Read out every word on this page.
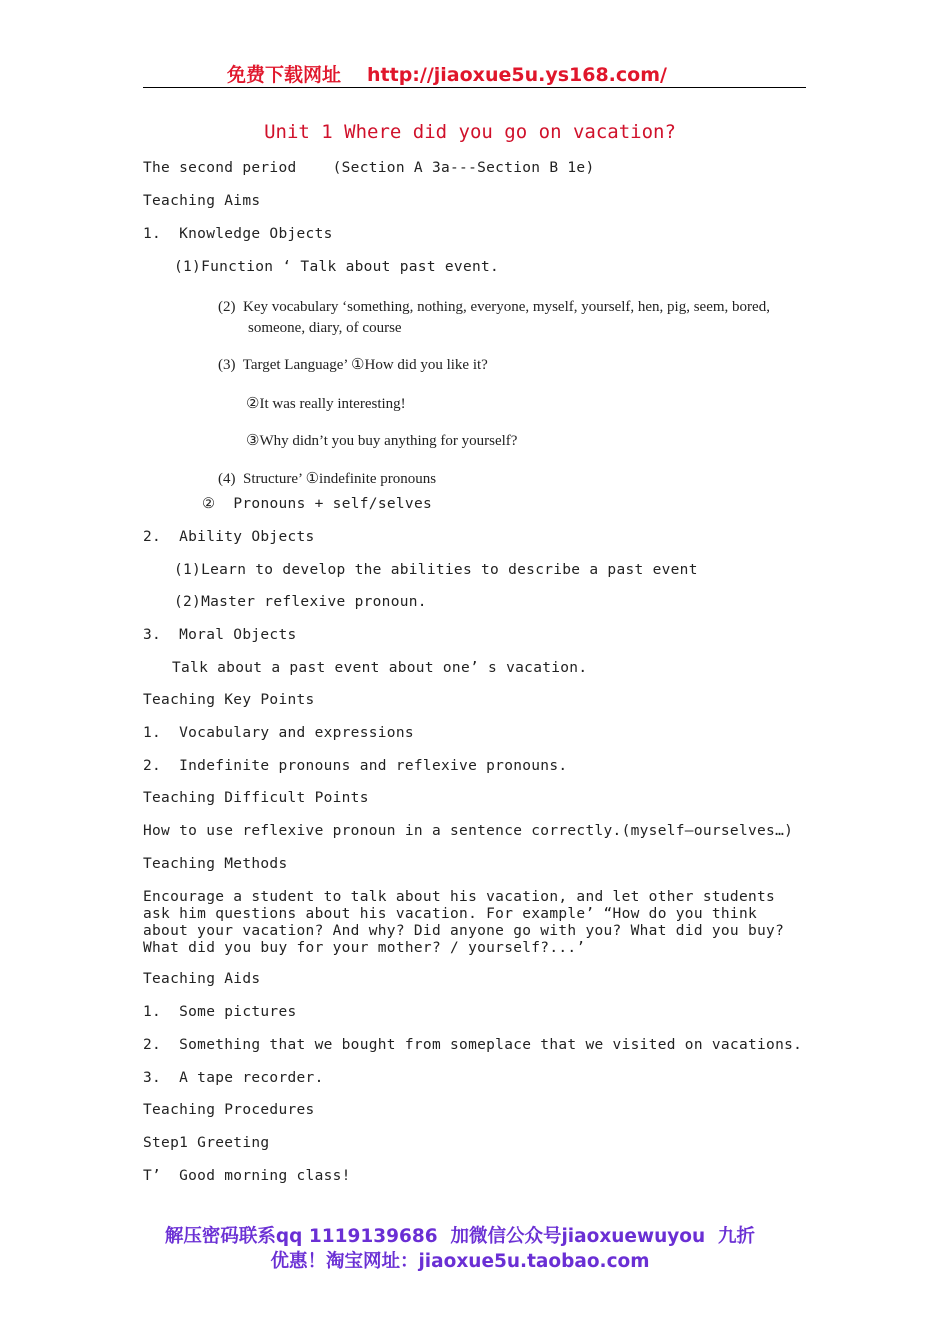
免费下载网址 http://jiaoxue5u.ys168.com/
Unit 1 Where did you go on vacation?
The second period    (Section A 3a---Section B 1e)
Teaching Aims
1.  Knowledge Objects
(1)Function ‘ Talk about past event.
(2)  Key vocabulary ‘something, nothing, everyone, myself, yourself, hen, pig, seem, bored,
someone, diary, of course
(3)  Target Language’ ①How did you like it?
②It was really interesting!
③Why didn’t you buy anything for yourself?
(4)  Structure’ ①indefinite pronouns
②  Pronouns + self/selves
2.  Ability Objects
(1)Learn to develop the abilities to describe a past event
(2)Master reflexive pronoun.
3.  Moral Objects
Talk about a past event about one’ s vacation.
Teaching Key Points
1.  Vocabulary and expressions
2.  Indefinite pronouns and reflexive pronouns.
Teaching Difficult Points
How to use reflexive pronoun in a sentence correctly.(myself—ourselves…)
Teaching Methods
Encourage a student to talk about his vacation, and let other students ask him questions about his vacation. For example’ “How do you think about your vacation? And why? Did anyone go with you? What did you buy? What did you buy for your mother? / yourself?...’
Teaching Aids
1.  Some pictures
2.  Something that we bought from someplace that we visited on vacations.
3.  A tape recorder.
Teaching Procedures
Step1 Greeting
T’  Good morning class!
解压密码联系qq 1119139686  加微信公众号jiaoxuewuyou  九折
优惠！淘宝网址：jiaoxue5u.taobao.com
